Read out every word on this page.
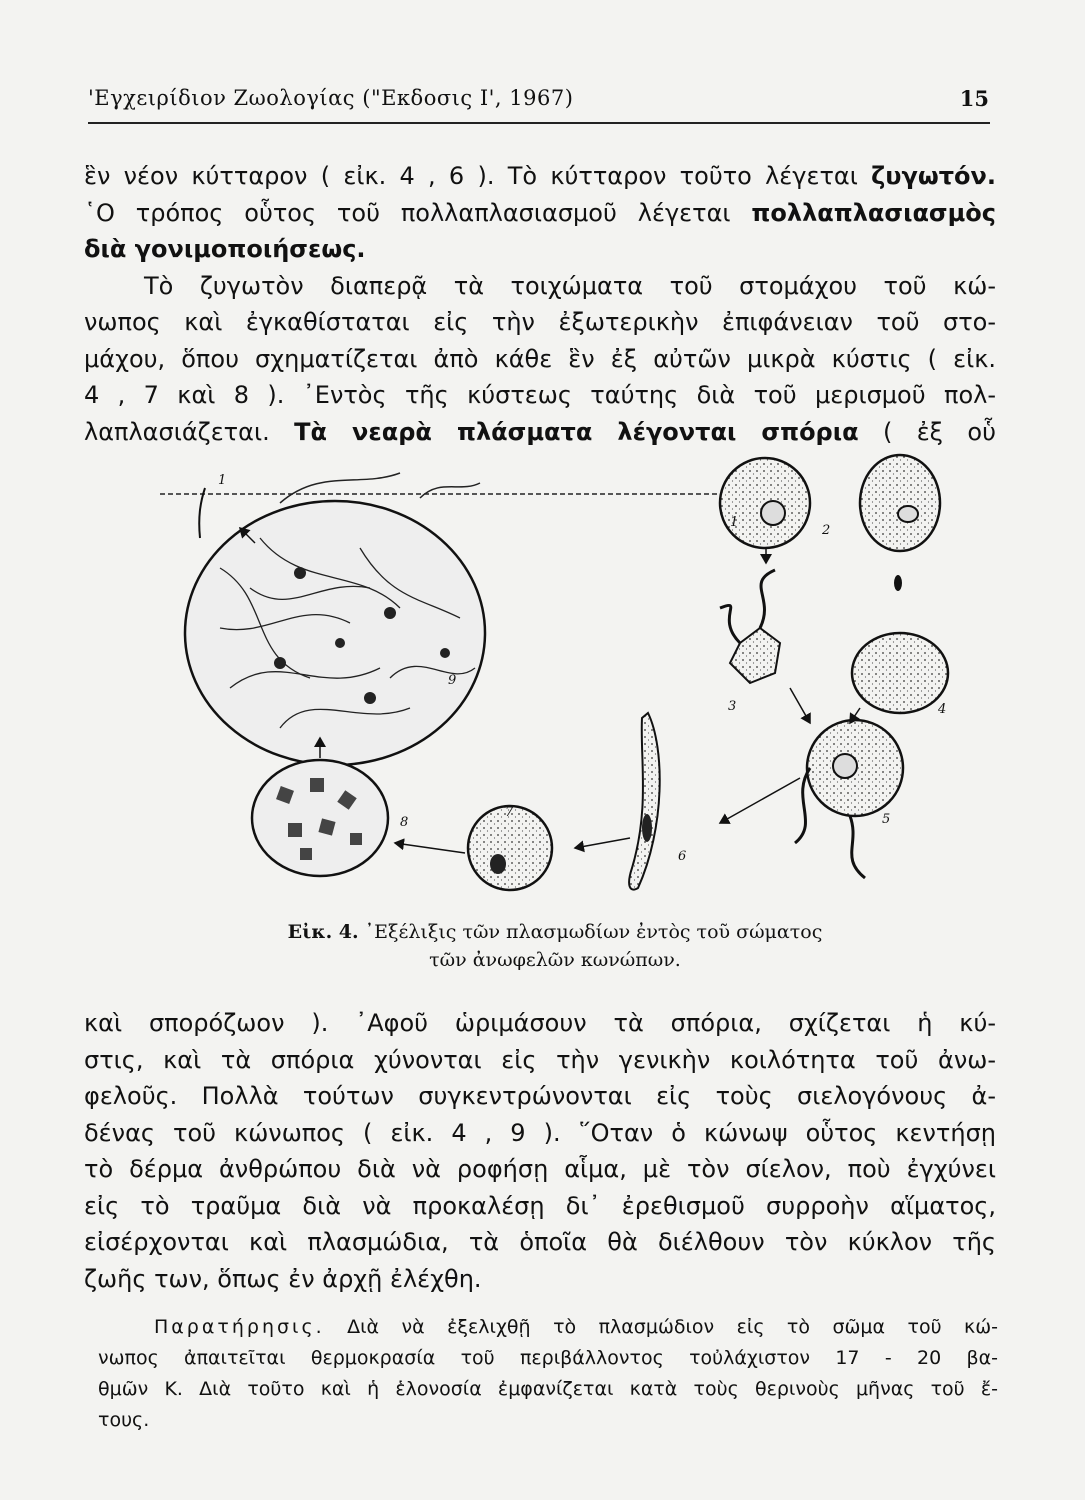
'Εγχειρίδιον Ζωολογίας ("Εκδοσις Ι', 1967)	15
ἓν νέον κύτταρον ( εἰκ. 4 , 6 ). Τὸ κύτταρον τοῦτο λέγεται ζυγωτόν.
῾Ο τρόπος οὗτος τοῦ πολλαπλασιασμοῦ λέγεται πολλαπλασιασμὸς
διὰ γονιμοποιήσεως.
Τὸ ζυγωτὸν διαπερᾷ τὰ τοιχώματα τοῦ στομάχου τοῦ κώ-
νωπος καὶ ἐγκαθίσταται εἰς τὴν ἐξωτερικὴν ἐπιφάνειαν τοῦ στο-
μάχου, ὅπου σχηματίζεται ἀπὸ κάθε ἓν ἐξ αὐτῶν μικρὰ κύστις ( εἰκ.
4 , 7 καὶ 8 ). ᾿Εντὸς τῆς κύστεως ταύτης διὰ τοῦ μερισμοῦ πολ-
λαπλασιάζεται. Τὰ νεαρὰ πλάσματα λέγονται σπόρια ( ἐξ οὗ
1
2
3	4
5
6
7
8
9
1
Εἰκ. 4. ᾿Εξέλιξις τῶν πλασμωδίων ἐντὸς τοῦ σώματος
τῶν ἀνωφελῶν κωνώπων.
καὶ σπορόζωον ). ᾿Αφοῦ ὡριμάσουν τὰ σπόρια, σχίζεται ἡ κύ-
στις, καὶ τὰ σπόρια χύνονται εἰς τὴν γενικὴν κοιλότητα τοῦ ἀνω-
φελοῦς. Πολλὰ τούτων συγκεντρώνονται εἰς τοὺς σιελογόνους ἀ-
δένας τοῦ κώνωπος ( εἰκ. 4 , 9 ). ῞Οταν ὁ κώνωψ οὗτος κεντήσῃ
τὸ δέρμα ἀνθρώπου διὰ νὰ ροφήσῃ αἷμα, μὲ τὸν σίελον, ποὺ ἐγχύνει
εἰς τὸ τραῦμα διὰ νὰ προκαλέσῃ δι᾿ ἐρεθισμοῦ συρροὴν αἵματος,
εἰσέρχονται καὶ πλασμώδια, τὰ ὁποῖα θὰ διέλθουν τὸν κύκλον τῆς
ζωῆς των, ὅπως ἐν ἀρχῇ ἐλέχθη.
Παρατήρησις. Διὰ νὰ ἐξελιχθῇ τὸ πλασμώδιον εἰς τὸ σῶμα τοῦ κώ-
νωπος ἀπαιτεῖται θερμοκρασία τοῦ περιβάλλοντος τοὐλάχιστον 17 - 20 βα-
θμῶν Κ. Διὰ τοῦτο καὶ ἡ ἑλονοσία ἐμφανίζεται κατὰ τοὺς θερινοὺς μῆνας τοῦ ἔ-
τους.
